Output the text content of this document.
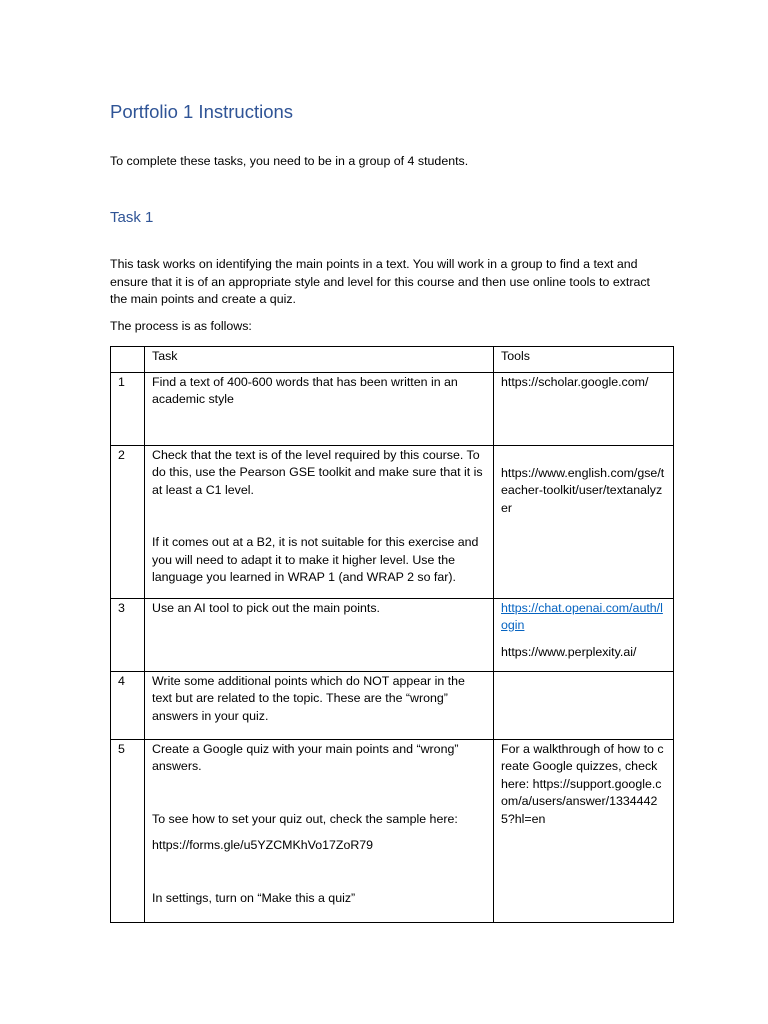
Portfolio 1 Instructions
To complete these tasks, you need to be in a group of 4 students.
Task 1
This task works on identifying the main points in a text. You will work in a group to find a text and ensure that it is of an appropriate style and level for this course and then use online tools to extract the main points and create a quiz.
The process is as follows:
	Task	Tools
1	Find a text of 400-600 words that has been written in an academic style	https://scholar.google.com/

2	Check that the text is of the level required by this course. To do this, use the Pearson GSE toolkit and make sure that it is at least a C1 level.

If it comes out at a B2, it is not suitable for this exercise and you will need to adapt it to make it higher level. Use the language you learned in WRAP 1 (and WRAP 2 so far).	https://www.english.com/gse/teacher-toolkit/user/textanalyzer

3	Use an AI tool to pick out the main points.	https://chat.openai.com/auth/login

https://www.perplexity.ai/

4	Write some additional points which do NOT appear in the text but are related to the topic. These are the “wrong” answers in your quiz.	

5	Create a Google quiz with your main points and “wrong” answers.

To see how to set your quiz out, check the sample here:

https://forms.gle/u5YZCMKhVo17ZoR79

In settings, turn on “Make this a quiz”	For a walkthrough of how to create Google quizzes, check here: https://support.google.com/a/users/answer/13344425?hl=en
